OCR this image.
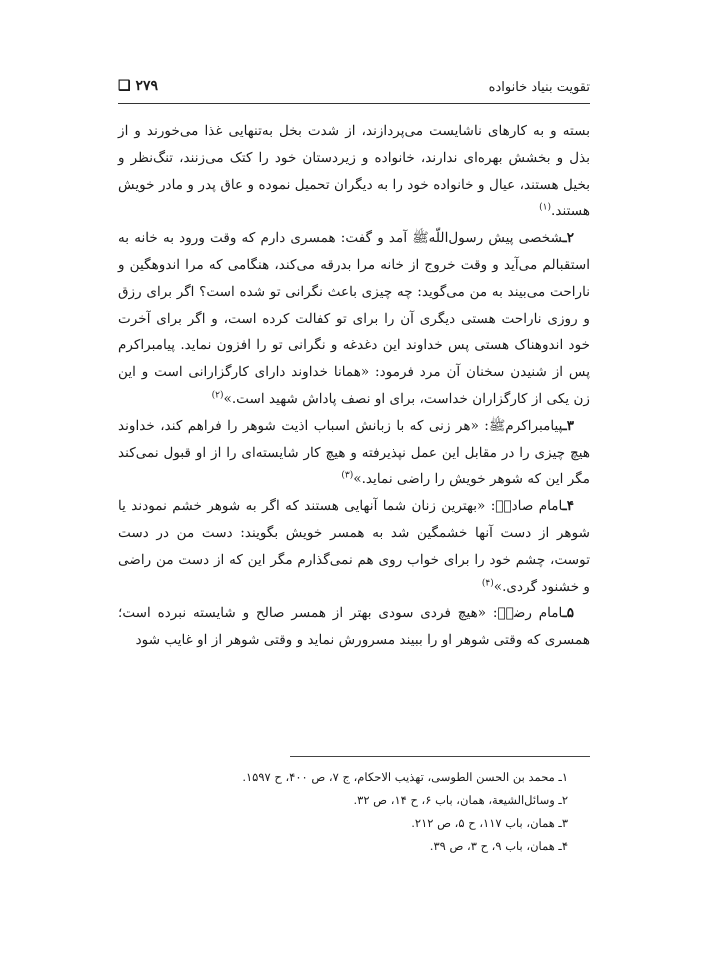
تقویت بنیاد خانواده
۲۷۹ ❑

بسته و به کارهای ناشایست می‌پردازند، از شدت بخل به‌تنهایی غذا می‌خورند و از بذل و بخشش بهره‌ای ندارند، خانواده و زیردستان خود را کتک می‌زنند، تنگ‌نظر و بخیل هستند، عیال و خانواده خود را به دیگران تحمیل نموده و عاق پدر و مادر خویش هستند.$^{(۱)}$

۲ـشخصی پیش رسول‌اللّهﷺ آمد و گفت: همسری دارم که وقت ورود به خانه به استقبالم می‌آید و وقت خروج از خانه مرا بدرقه می‌کند، هنگامی که مرا اندوهگین و ناراحت می‌بیند به من می‌گوید: چه چیزی باعث نگرانی تو شده است؟ اگر برای رزق و روزی ناراحت هستی دیگری آن را برای تو کفالت کرده است، و اگر برای آخرت خود اندوهناک هستی پس خداوند این دغدغه و نگرانی تو را افزون نماید. پیامبراکرم پس از شنیدن سخنان آن مرد فرمود: «همانا خداوند دارای کارگزارانی است و این زن یکی از کارگزاران خداست، برای او نصف پاداش شهید است.»$^{(۲)}$

۳ـپیامبراکرمﷺ: «هر زنی که با زبانش اسباب اذیت شوهر را فراهم کند، خداوند هیچ چیزی را در مقابل این عمل نپذیرفته و هیچ کار شایسته‌ای را از او قبول نمی‌کند مگر این که شوهر خویش را راضی نماید.»$^{(۳)}$

۴ـامام صادقؑ: «بهترین زنان شما آنهایی هستند که اگر به شوهر خشم نمودند یا شوهر از دست آنها خشمگین شد به همسر خویش بگویند: دست من در دست توست، چشم خود را برای خواب روی هم نمی‌گذارم مگر این که از دست من راضی و خشنود گردی.»$^{(۴)}$

۵ـامام رضاؑ: «هیچ فردی سودی بهتر از همسر صالح و شایسته نبرده است؛ همسری که وقتی شوهر او را ببیند مسرورش نماید و وقتی شوهر از او غایب شود

۱ـ محمد بن الحسن الطوسی، تهذیب الاحکام، ج ۷، ص ۴۰۰، ح ۱۵۹۷.
۲ـ وسائل‌الشیعة، همان، باب ۶، ح ۱۴، ص ۳۲.
۳ـ همان، باب ۱۱۷، ح ۵، ص ۲۱۲.
۴ـ همان، باب ۹، ح ۳، ص ۳۹.
